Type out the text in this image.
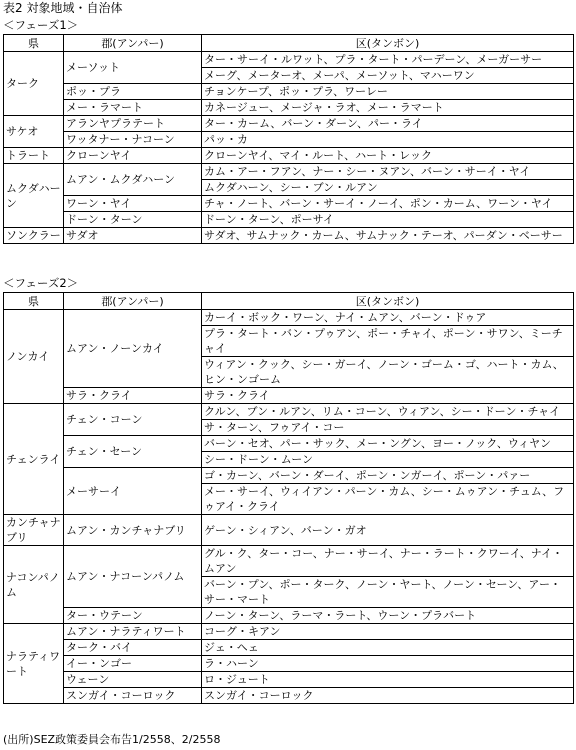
表2 対象地域・自治体
＜フェーズ1＞
県	郡(アンパー)	区(タンボン)
ターク	メーソット	ター・サーイ・ルワット、プラ・タート・パーデーン、メーガーサー
		メーグ、メーターオ、メーパ、メーソット、マハーワン
	ポッ・プラ	チョンケープ、ポッ・プラ、ワーレー
	メー・ラマート	カネージュー、メージャ・ラオ、メー・ラマート
サケオ	アランヤプラテート	ター・カーム、バーン・ダーン、パー・ライ
	ワッタナー・ナコーン	パッ・カ
トラート	クローンヤイ	クローンヤイ、マイ・ルート、ハート・レック
ムクダハーン	ムアン・ムクダハーン	カム・アー・フアン、ナー・シー・ヌアン、バーン・サーイ・ヤイ
		ムクダハーン、シー・ブン・ルアン
	ワーン・ヤイ	チャ・ノート、バーン・サーイ・ノーイ、ポン・カーム、ワーン・ヤイ
	ドーン・ターン	ドーン・ターン、ポーサイ
ソンクラー	サダオ	サダオ、サムナック・カーム、サムナック・テーオ、パーダン・ベーサー
＜フェーズ2＞
県	郡(アンパー)	区(タンボン)
ノンカイ	ムアン・ノーンカイ	カーイ・ボック・ワーン、ナイ・ムアン、バーン・ドゥア
		プラ・タート・バン・プゥアン、ポー・チャイ、ポーン・サワン、ミーチャイ
		ウィアン・クック、シー・ガーイ、ノーン・ゴーム・ゴ、ハート・カム、ヒン・ンゴーム
	サラ・クライ	サラ・クライ
チェンライ	チェン・コーン	クルン、ブン・ルアン、リム・コーン、ウィアン、シー・ドーン・チャイ
		サ・ターン、フゥアイ・コー
	チェン・セーン	バーン・セオ、パー・サック、メー・ングン、ヨー・ノック、ウィヤン
		シー・ドーン・ムーン
	メーサーイ	ゴ・カーン、バーン・ダーイ、ポーン・ンガーイ、ポーン・パァー
		メー・サーイ、ウィイアン・パーン・カム、シー・ムゥアン・チュム、フゥアイ・クライ
カンチャナブリ	ムアン・カンチャナブリ	ゲーン・シィアン、バーン・ガオ
ナコンパノム	ムアン・ナコーンパノム	グル・ク、ター・コー、ナー・サーイ、ナー・ラート・クワーイ、ナイ・ムアン
		バーン・プン、ポー・ターク、ノーン・ヤート、ノーン・セーン、アー・サー・マート
	ター・ウテーン	ノーン・ターン、ラーマ・ラート、ウーン・プラバート
ナラティワート	ムアン・ナラティワート	コーグ・キアン
	ターク・バイ	ジェ・ヘェ
	イー・ンゴー	ラ・ハーン
	ウェーン	ロ・ジュート
	スンガイ・コーロック	スンガイ・コーロック
(出所)SEZ政策委員会布告1/2558、2/2558
